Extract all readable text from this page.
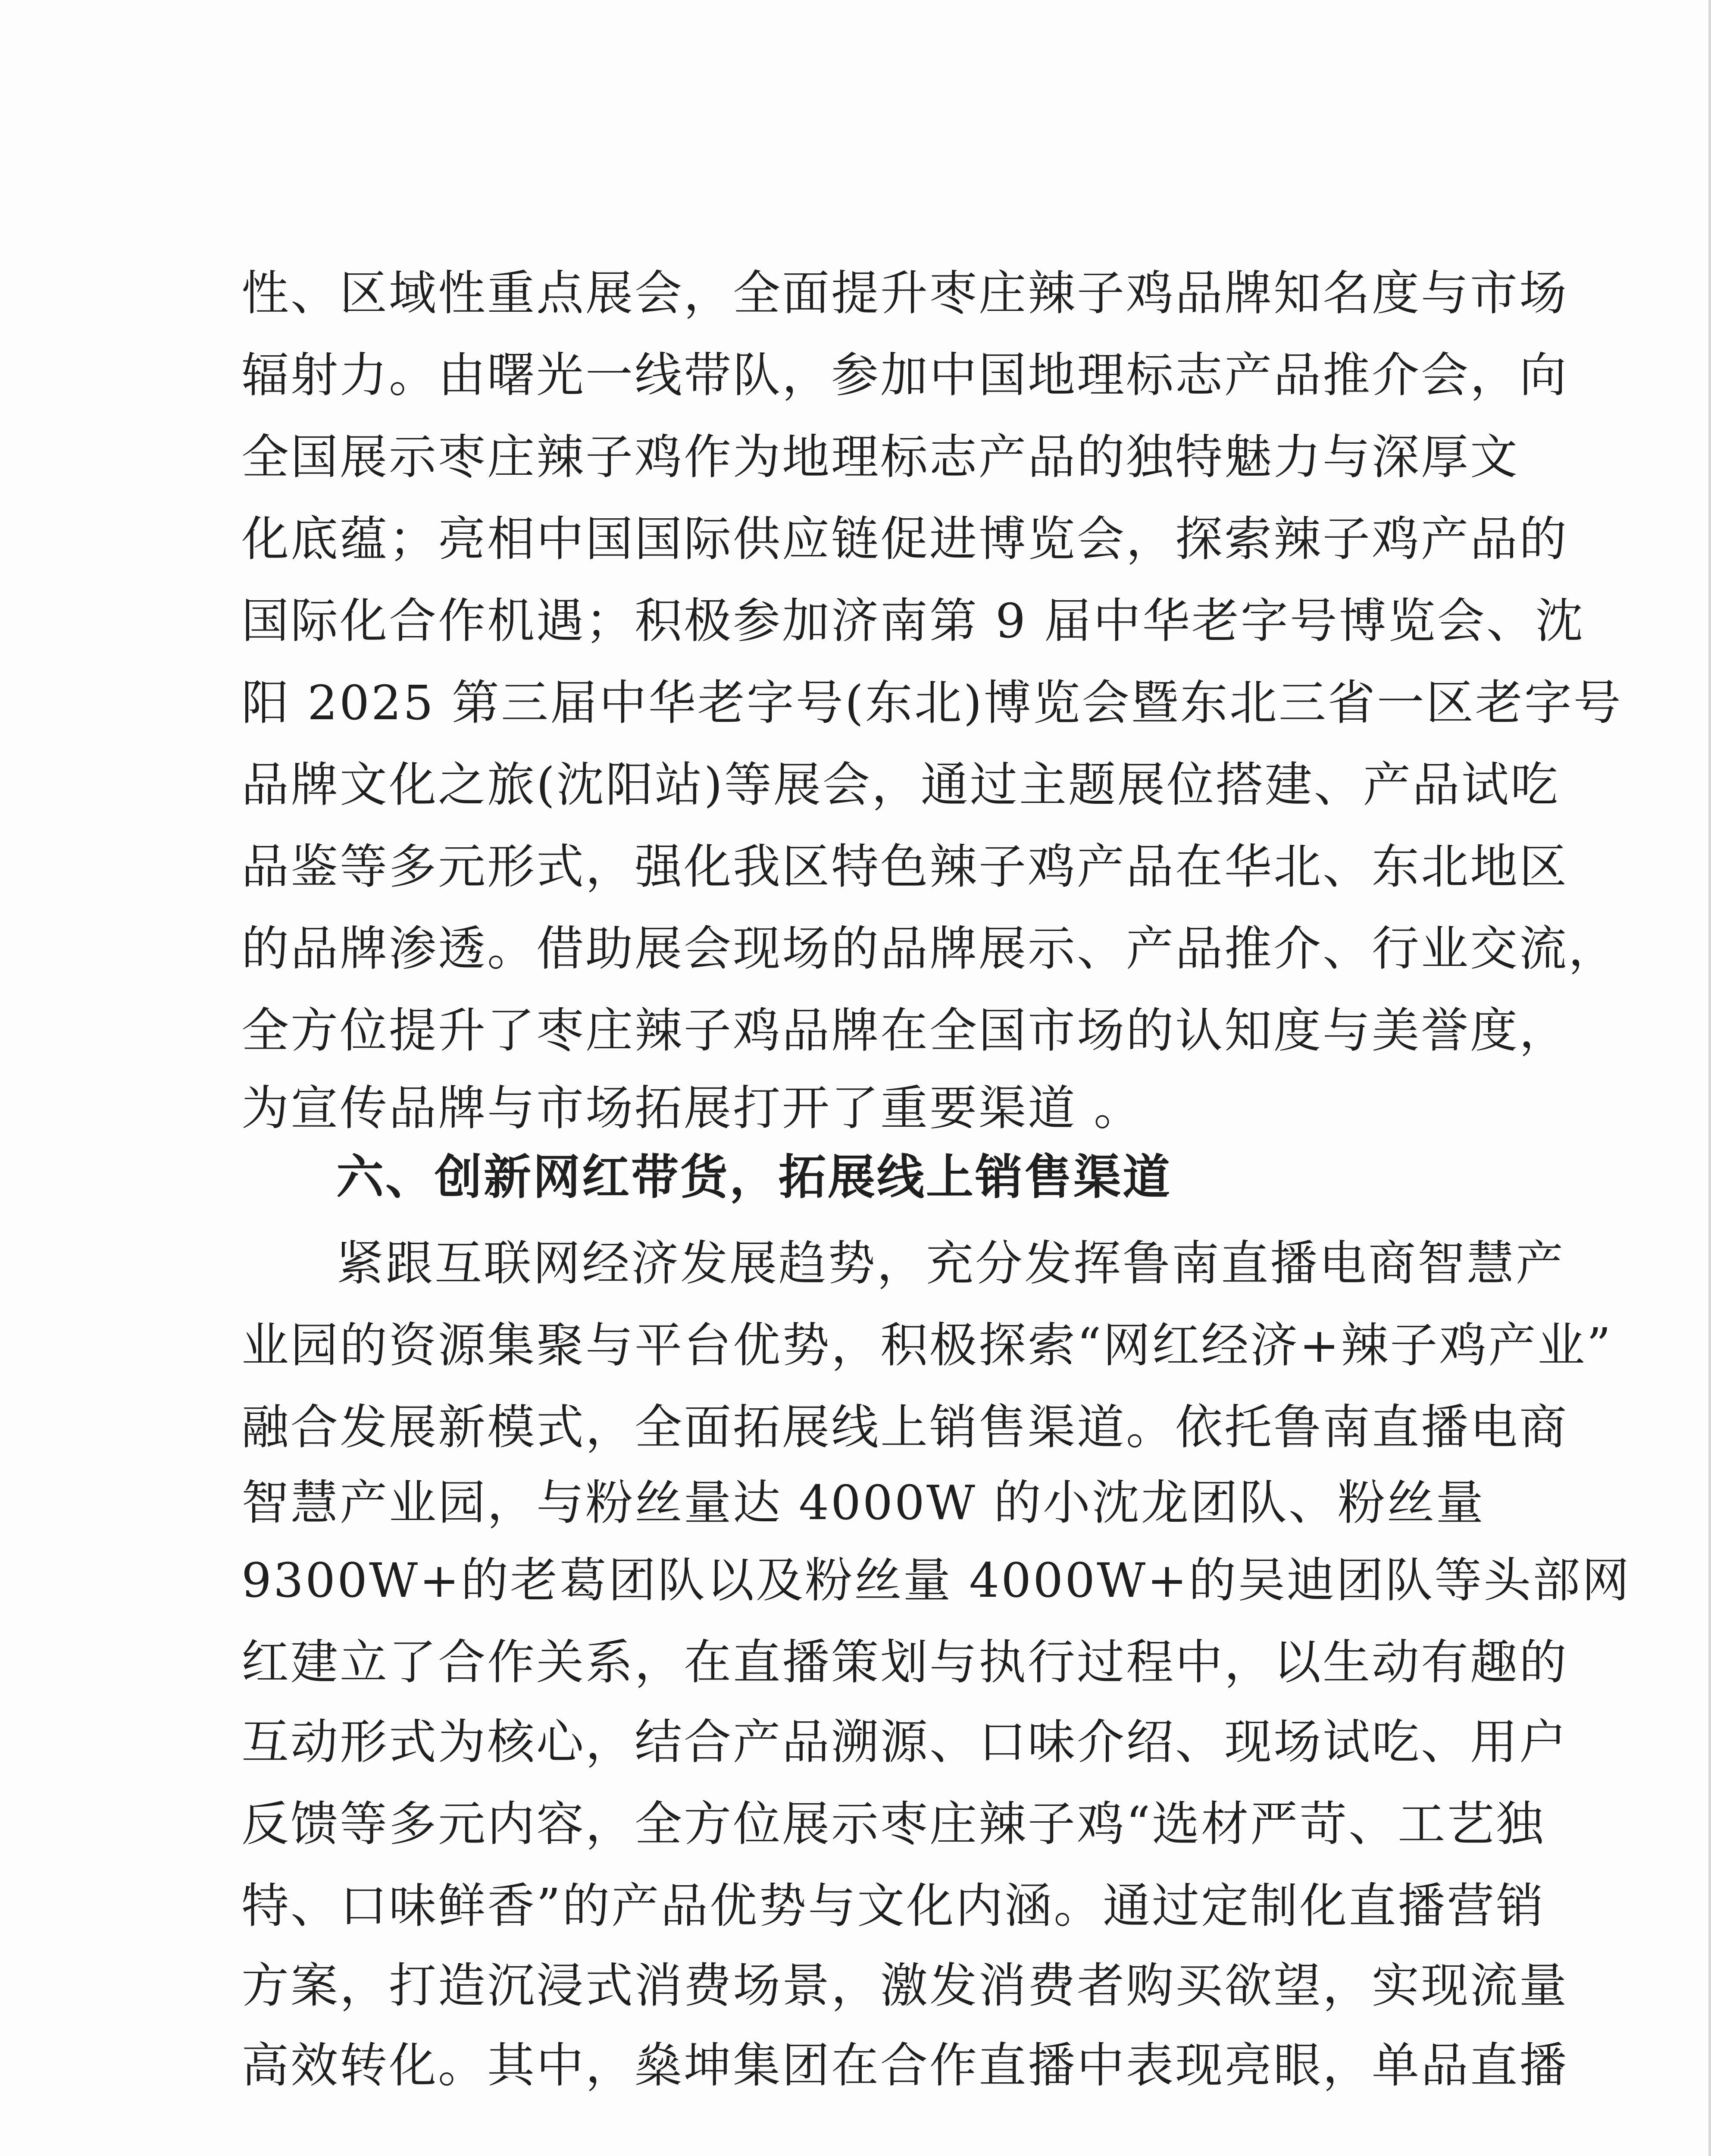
性、区域性重点展会，全面提升枣庄辣子鸡品牌知名度与市场

辐射力。由曙光一线带队，参加中国地理标志产品推介会，向

全国展示枣庄辣子鸡作为地理标志产品的独特魅力与深厚文

化底蕴；亮相中国国际供应链促进博览会，探索辣子鸡产品的

国际化合作机遇；积极参加济南第 9 届中华老字号博览会、沈

阳 2025 第三届中华老字号(东北)博览会暨东北三省一区老字号

品牌文化之旅(沈阳站)等展会，通过主题展位搭建、产品试吃

品鉴等多元形式，强化我区特色辣子鸡产品在华北、东北地区

的品牌渗透。借助展会现场的品牌展示、产品推介、行业交流，

全方位提升了枣庄辣子鸡品牌在全国市场的认知度与美誉度，

为宣传品牌与市场拓展打开了重要渠道 。

六、创新网红带货，拓展线上销售渠道

紧跟互联网经济发展趋势，充分发挥鲁南直播电商智慧产

业园的资源集聚与平台优势，积极探索“网红经济+辣子鸡产业”

融合发展新模式，全面拓展线上销售渠道。依托鲁南直播电商

智慧产业园，与粉丝量达 4000W 的小沈龙团队、粉丝量

9300W+的老葛团队以及粉丝量 4000W+的吴迪团队等头部网

红建立了合作关系，在直播策划与执行过程中，以生动有趣的

互动形式为核心，结合产品溯源、口味介绍、现场试吃、用户

反馈等多元内容，全方位展示枣庄辣子鸡“选材严苛、工艺独

特、口味鲜香”的产品优势与文化内涵。通过定制化直播营销

方案，打造沉浸式消费场景，激发消费者购买欲望，实现流量

高效转化。其中，燊坤集团在合作直播中表现亮眼，单品直播
